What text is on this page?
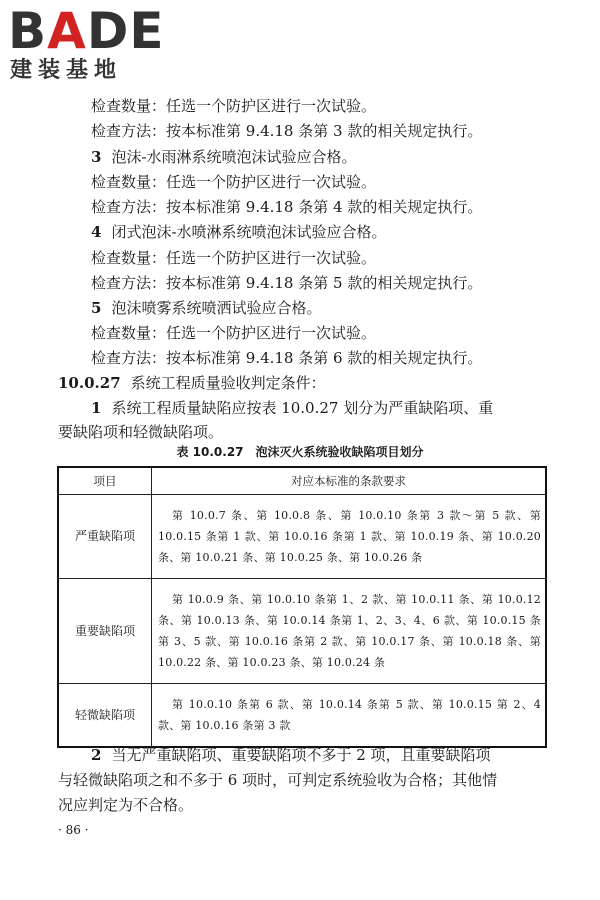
BADE
建装基地
检查数量：任选一个防护区进行一次试验。
检查方法：按本标准第 9.4.18 条第 3 款的相关规定执行。
3 泡沫-水雨淋系统喷泡沫试验应合格。
检查数量：任选一个防护区进行一次试验。
检查方法：按本标准第 9.4.18 条第 4 款的相关规定执行。
4 闭式泡沫-水喷淋系统喷泡沫试验应合格。
检查数量：任选一个防护区进行一次试验。
检查方法：按本标准第 9.4.18 条第 5 款的相关规定执行。
5 泡沫喷雾系统喷洒试验应合格。
检查数量：任选一个防护区进行一次试验。
检查方法：按本标准第 9.4.18 条第 6 款的相关规定执行。
10.0.27 系统工程质量验收判定条件：
1 系统工程质量缺陷应按表 10.0.27 划分为严重缺陷项、重
要缺陷项和轻微缺陷项。
表 10.0.27　泡沫灭火系统验收缺陷项目划分
项目	对应本标准的条款要求
严重缺陷项	第 10.0.7 条、第 10.0.8 条、第 10.0.10 条第 3 款～第 5 款、第 10.0.15 条第 1 款、第 10.0.16 条第 1 款、第 10.0.19 条、第 10.0.20 条、第 10.0.21 条、第 10.0.25 条、第 10.0.26 条
重要缺陷项	第 10.0.9 条、第 10.0.10 条第 1、2 款、第 10.0.11 条、第 10.0.12 条、第 10.0.13 条、第 10.0.14 条第 1、2、3、4、6 款、第 10.0.15 条第 3、5 款、第 10.0.16 条第 2 款、第 10.0.17 条、第 10.0.18 条、第 10.0.22 条、第 10.0.23 条、第 10.0.24 条
轻微缺陷项	第 10.0.10 条第 6 款、第 10.0.14 条第 5 款、第 10.0.15 第 2、4 款、第 10.0.16 条第 3 款
2 当无严重缺陷项、重要缺陷项不多于 2 项，且重要缺陷项
与轻微缺陷项之和不多于 6 项时，可判定系统验收为合格；其他情
况应判定为不合格。
· 86 ·
